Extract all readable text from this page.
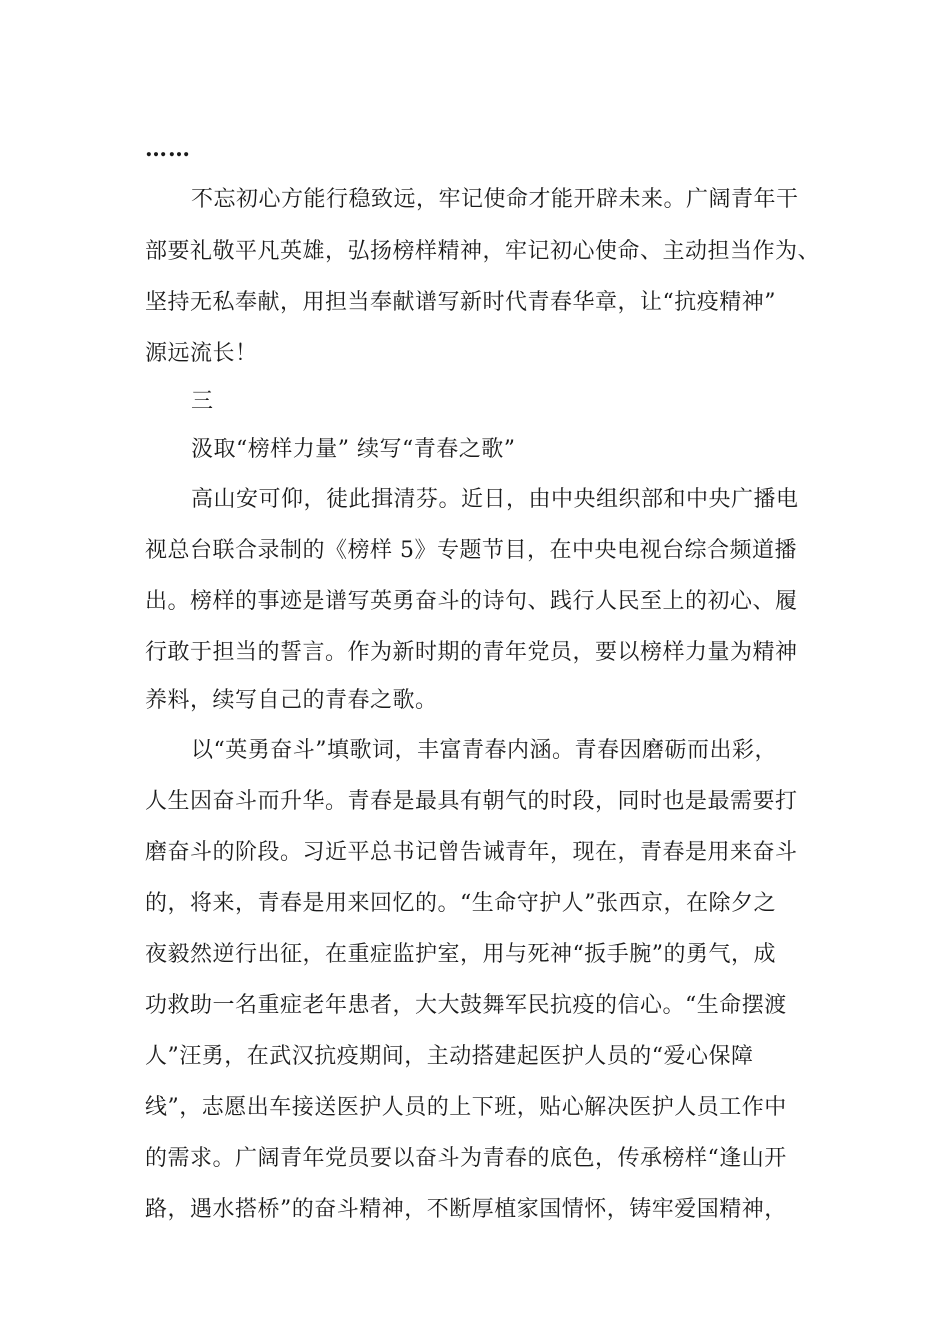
……
不忘初心方能行稳致远，牢记使命才能开辟未来。广阔青年干
部要礼敬平凡英雄，弘扬榜样精神，牢记初心使命、主动担当作为、
坚持无私奉献，用担当奉献谱写新时代青春华章，让“抗疫精神”
源远流长！
三
汲取“榜样力量” 续写“青春之歌”
高山安可仰，徒此揖清芬。近日，由中央组织部和中央广播电
视总台联合录制的《榜样 5》专题节目，在中央电视台综合频道播
出。榜样的事迹是谱写英勇奋斗的诗句、践行人民至上的初心、履
行敢于担当的誓言。作为新时期的青年党员，要以榜样力量为精神
养料，续写自己的青春之歌。
以“英勇奋斗”填歌词，丰富青春内涵。青春因磨砺而出彩，
人生因奋斗而升华。青春是最具有朝气的时段，同时也是最需要打
磨奋斗的阶段。习近平总书记曾告诫青年，现在，青春是用来奋斗
的，将来，青春是用来回忆的。“生命守护人”张西京，在除夕之
夜毅然逆行出征，在重症监护室，用与死神“扳手腕”的勇气，成
功救助一名重症老年患者，大大鼓舞军民抗疫的信心。“生命摆渡
人”汪勇，在武汉抗疫期间，主动搭建起医护人员的“爱心保障
线”，志愿出车接送医护人员的上下班，贴心解决医护人员工作中
的需求。广阔青年党员要以奋斗为青春的底色，传承榜样“逢山开
路，遇水搭桥”的奋斗精神，不断厚植家国情怀，铸牢爱国精神，
